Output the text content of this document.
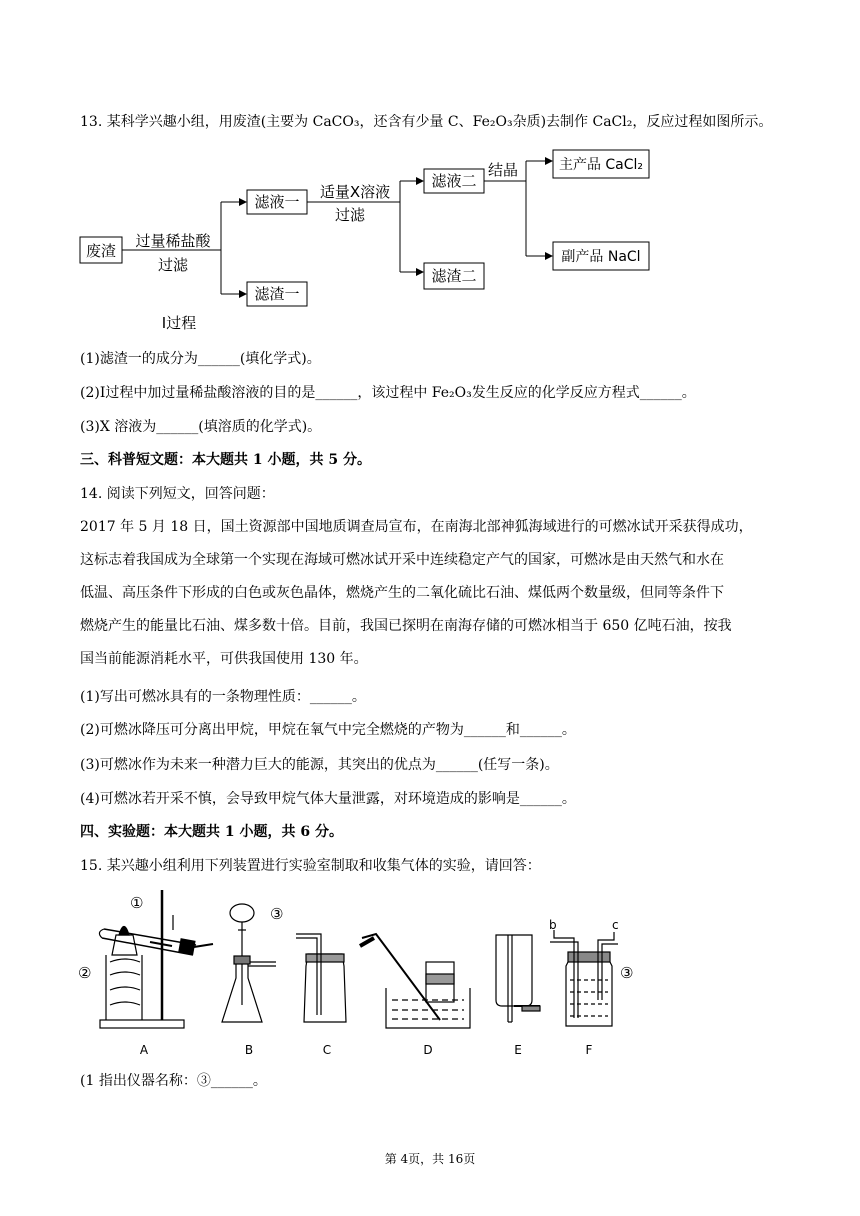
13. 某科学兴趣小组，用废渣(主要为 CaCO₃，还含有少量 C、Fe₂O₃杂质)去制作 CaCl₂，反应过程如图所示。
废渣
过量稀盐酸
过滤
滤液一
滤渣一
适量X溶液
过滤
滤液二
滤渣二
结晶	主产品 CaCl₂
副产品 NaCl
Ⅰ过程
(1)滤渣一的成分为______(填化学式)。
(2)Ⅰ过程中加过量稀盐酸溶液的目的是______，该过程中 Fe₂O₃发生反应的化学反应方程式______。
(3)X 溶液为______(填溶质的化学式)。
三、科普短文题：本大题共 1 小题，共 5 分。
14. 阅读下列短文，回答问题：
2017 年 5 月 18 日，国土资源部中国地质调查局宣布，在南海北部神狐海域进行的可燃冰试开采获得成功，
这标志着我国成为全球第一个实现在海域可燃冰试开采中连续稳定产气的国家，可燃冰是由天然气和水在
低温、高压条件下形成的白色或灰色晶体，燃烧产生的二氧化硫比石油、煤低两个数量级，但同等条件下
燃烧产生的能量比石油、煤多数十倍。目前，我国已探明在南海存储的可燃冰相当于 650 亿吨石油，按我
国当前能源消耗水平，可供我国使用 130 年。
(1)写出可燃冰具有的一条物理性质：______。
(2)可燃冰降压可分离出甲烷，甲烷在氧气中完全燃烧的产物为______和______。
(3)可燃冰作为未来一种潜力巨大的能源，其突出的优点为______(任写一条)。
(4)可燃冰若开采不慎，会导致甲烷气体大量泄露，对环境造成的影响是______。
四、实验题：本大题共 1 小题，共 6 分。
15. 某兴趣小组利用下列装置进行实验室制取和收集气体的实验，请回答：
A	B	C	D	E	F
①
②
③
b	c
③
(1 指出仪器名称：③______。
第 4页，共 16页
